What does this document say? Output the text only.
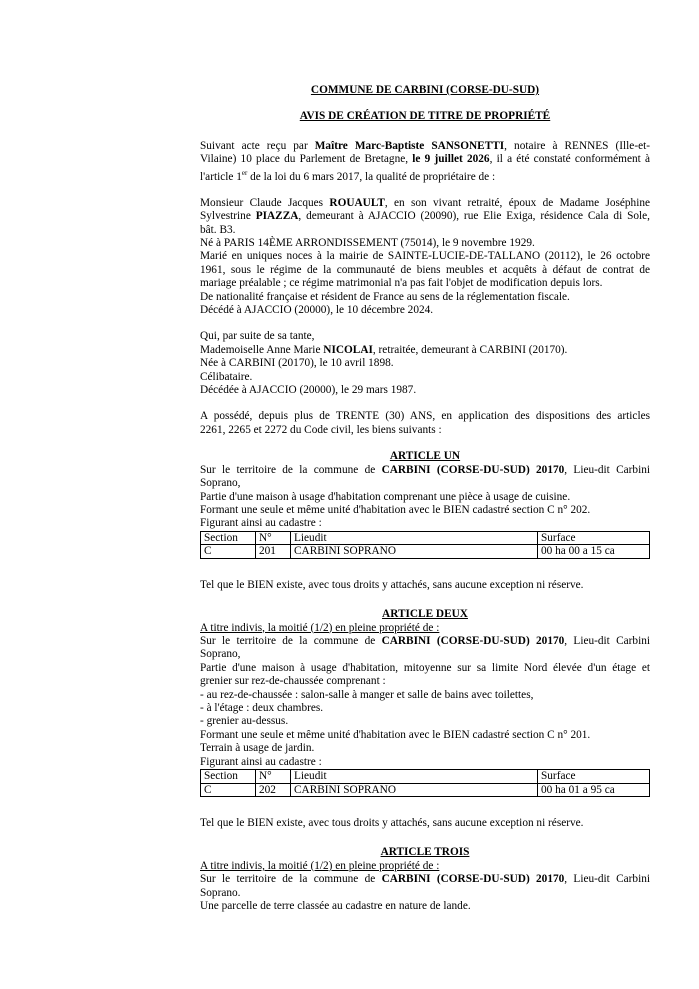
COMMUNE DE CARBINI (CORSE-DU-SUD)

AVIS DE CRÉATION DE TITRE DE PROPRIÉTÉ

Suivant acte reçu par Maître Marc-Baptiste SANSONETTI, notaire à RENNES (Ille-et-

Vilaine) 10 place du Parlement de Bretagne, le 9 juillet 2026, il a été constaté conformément à

l'article 1er de la loi du 6 mars 2017, la qualité de propriétaire de :

Monsieur Claude Jacques ROUAULT, en son vivant retraité, époux de Madame Joséphine

Sylvestrine PIAZZA, demeurant à AJACCIO (20090), rue Elie Exiga, résidence Cala di Sole,

bât. B3.

Né à PARIS 14ÈME ARRONDISSEMENT (75014), le 9 novembre 1929.

Marié en uniques noces à la mairie de SAINTE-LUCIE-DE-TALLANO (20112), le 26 octobre

1961, sous le régime de la communauté de biens meubles et acquêts à défaut de contrat de

mariage préalable ; ce régime matrimonial n'a pas fait l'objet de modification depuis lors.

De nationalité française et résident de France au sens de la réglementation fiscale.

Décédé à AJACCIO (20000), le 10 décembre 2024.

Qui, par suite de sa tante,

Mademoiselle Anne Marie NICOLAI, retraitée, demeurant à CARBINI (20170).

Née à CARBINI (20170), le 10 avril 1898.

Célibataire.

Décédée à AJACCIO (20000), le 29 mars 1987.

A possédé, depuis plus de TRENTE (30) ANS, en application des dispositions des articles

2261, 2265 et 2272 du Code civil, les biens suivants :

ARTICLE UN

Sur le territoire de la commune de CARBINI (CORSE-DU-SUD) 20170, Lieu-dit Carbini

Soprano,

Partie d'une maison à usage d'habitation comprenant une pièce à usage de cuisine.

Formant une seule et même unité d'habitation avec le BIEN cadastré section C n° 202.

Figurant ainsi au cadastre :

Section	N°	Lieudit	Surface
C	201	CARBINI SOPRANO	00 ha 00 a 15 ca

Tel que le BIEN existe, avec tous droits y attachés, sans aucune exception ni réserve.

ARTICLE DEUX

A titre indivis, la moitié (1/2) en pleine propriété de :

Sur le territoire de la commune de CARBINI (CORSE-DU-SUD) 20170, Lieu-dit Carbini

Soprano,

Partie d'une maison à usage d'habitation, mitoyenne sur sa limite Nord élevée d'un étage et

grenier sur rez-de-chaussée comprenant :

- au rez-de-chaussée : salon-salle à manger et salle de bains avec toilettes,

- à l'étage : deux chambres.

- grenier au-dessus.

Formant une seule et même unité d'habitation avec le BIEN cadastré section C n° 201.

Terrain à usage de jardin.

Figurant ainsi au cadastre :

Section	N°	Lieudit	Surface
C	202	CARBINI SOPRANO	00 ha 01 a 95 ca

Tel que le BIEN existe, avec tous droits y attachés, sans aucune exception ni réserve.

ARTICLE TROIS

A titre indivis, la moitié (1/2) en pleine propriété de :

Sur le territoire de la commune de CARBINI (CORSE-DU-SUD) 20170, Lieu-dit Carbini

Soprano.

Une parcelle de terre classée au cadastre en nature de lande.
